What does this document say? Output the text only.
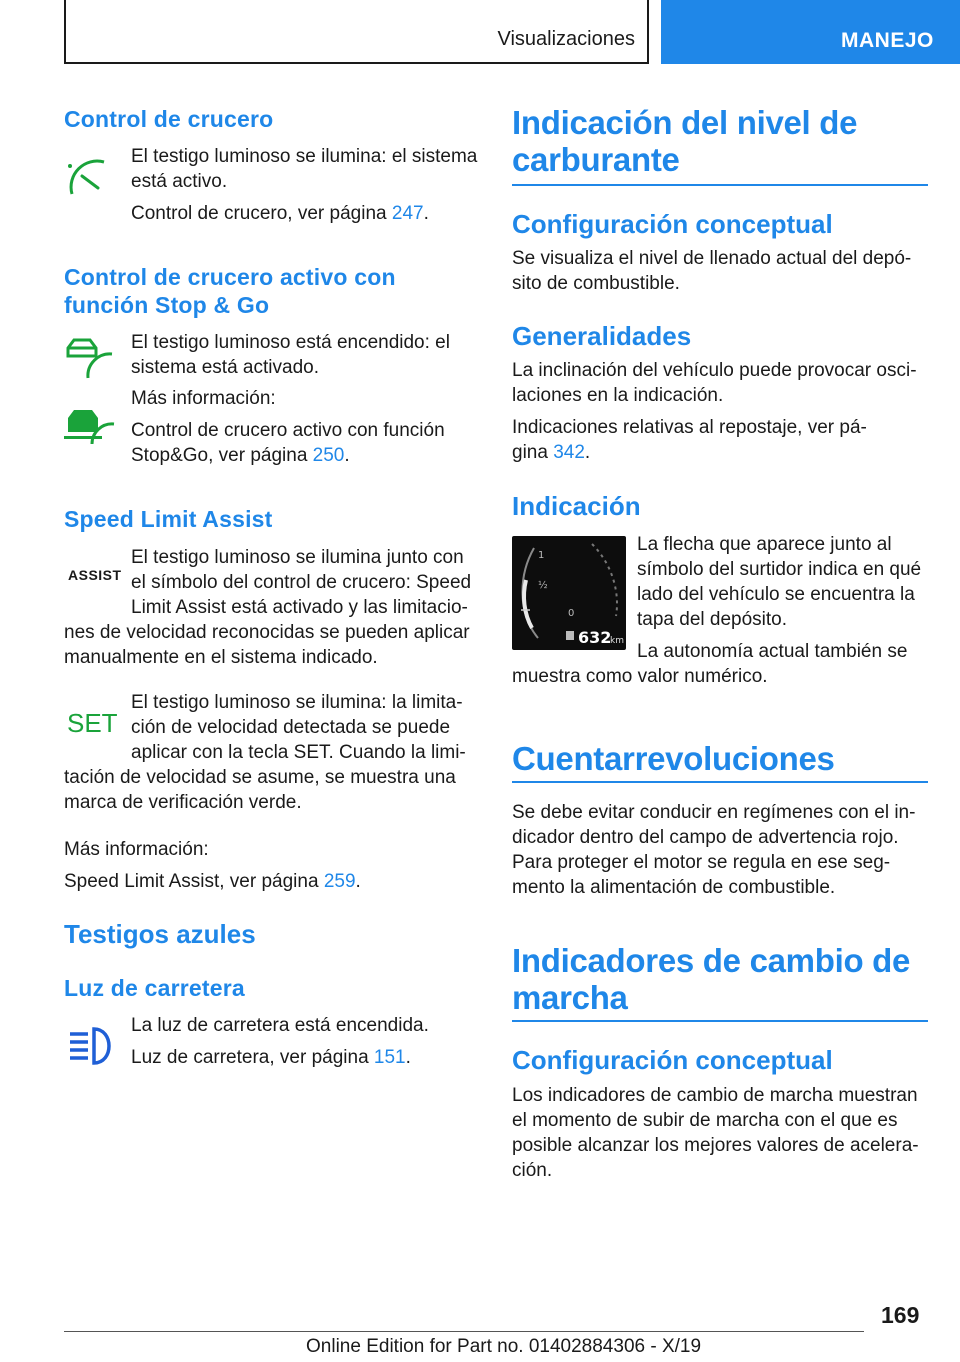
Visualizaciones	MANEJO
Control de crucero

El testigo luminoso se ilumina: el sistema está activo.

Control de crucero, ver página 247.

Control de crucero activo con
función Stop & Go

El testigo luminoso está encendido: el sistema está activado.

Más información:

Control de crucero activo con función Stop&Go, ver página 250.

Speed Limit Assist
ASSIST

El testigo luminoso se ilumina junto con

el símbolo del control de crucero: Speed

Limit Assist está activado y las limitacio-

nes de velocidad reconocidas se pueden aplicar

manualmente en el sistema indicado.

SET

El testigo luminoso se ilumina: la limita-

ción de velocidad detectada se puede

aplicar con la tecla SET. Cuando la limi-

tación de velocidad se asume, se muestra una

marca de verificación verde.

Más información:

Speed Limit Assist, ver página 259.

Testigos azules
Luz de carretera

La luz de carretera está encendida.

Luz de carretera, ver página 151.

Indicación del nivel de
carburante
Configuración conceptual

Se visualiza el nivel de llenado actual del depó-sito de combustible.

Generalidades

La inclinación del vehículo puede provocar osci-laciones en la indicación.

Indicaciones relativas al repostaje, ver pá-

gina 342.

Indicación
1
½
0
632
km

La flecha que aparece junto al

símbolo del surtidor indica en qué

lado del vehículo se encuentra la

tapa del depósito.

La autonomía actual también se

muestra como valor numérico.

Cuentarrevoluciones

Se debe evitar conducir en regímenes con el in-dicador dentro del campo de advertencia rojo. Para proteger el motor se regula en ese seg-mento la alimentación de combustible.

Indicadores de cambio de
marcha
Configuración conceptual

Los indicadores de cambio de marcha muestran el momento de subir de marcha con el que es posible alcanzar los mejores valores de acelera-ción.

169
Online Edition for Part no. 01402884306 - X/19
